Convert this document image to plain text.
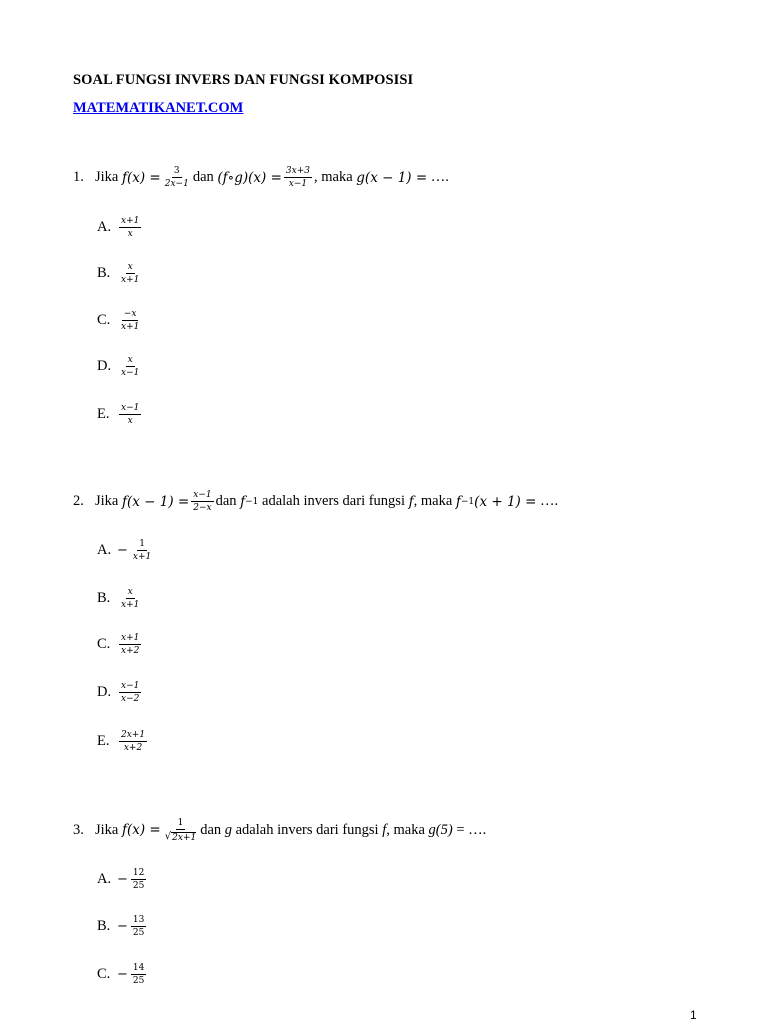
SOAL FUNGSI INVERS DAN FUNGSI KOMPOSISI
MATEMATIKANET.COM
1. Jika
$f(x) = \frac{3}{2x-1}$ dan
(f∘g)(x) = $\frac{3x+3}{x-1}$ , maka
g(x − 1) =
….
A. $\frac{x+1}{x}$
B. $\frac{x}{x+1}$
C. $\frac{-x}{x+1}$
D. $\frac{x}{x-1}$
E.	$\frac{x-1}{x}$
2. Jika
$f(x - 1) = \frac{x-1}{2-x}$ dan
f −1
adalah invers dari fungsi
f , maka
f −1 (x + 1) =
….
A. − $\frac{1}{x+1}$
B. $\frac{x}{x+1}$
C. $\frac{x+1}{x+2}$
D. $\frac{x-1}{x-2}$
E.	$\frac{2x+1}{x+2}$
3. Jika
$f(x) = \frac{1}{√ 2x+1}$ dan
g
adalah invers dari fungsi
f , maka
g(5)
= ….
A. − $\frac{12}{25}$
B. − $\frac{13}{25}$
C. − $\frac{14}{25}$
1
